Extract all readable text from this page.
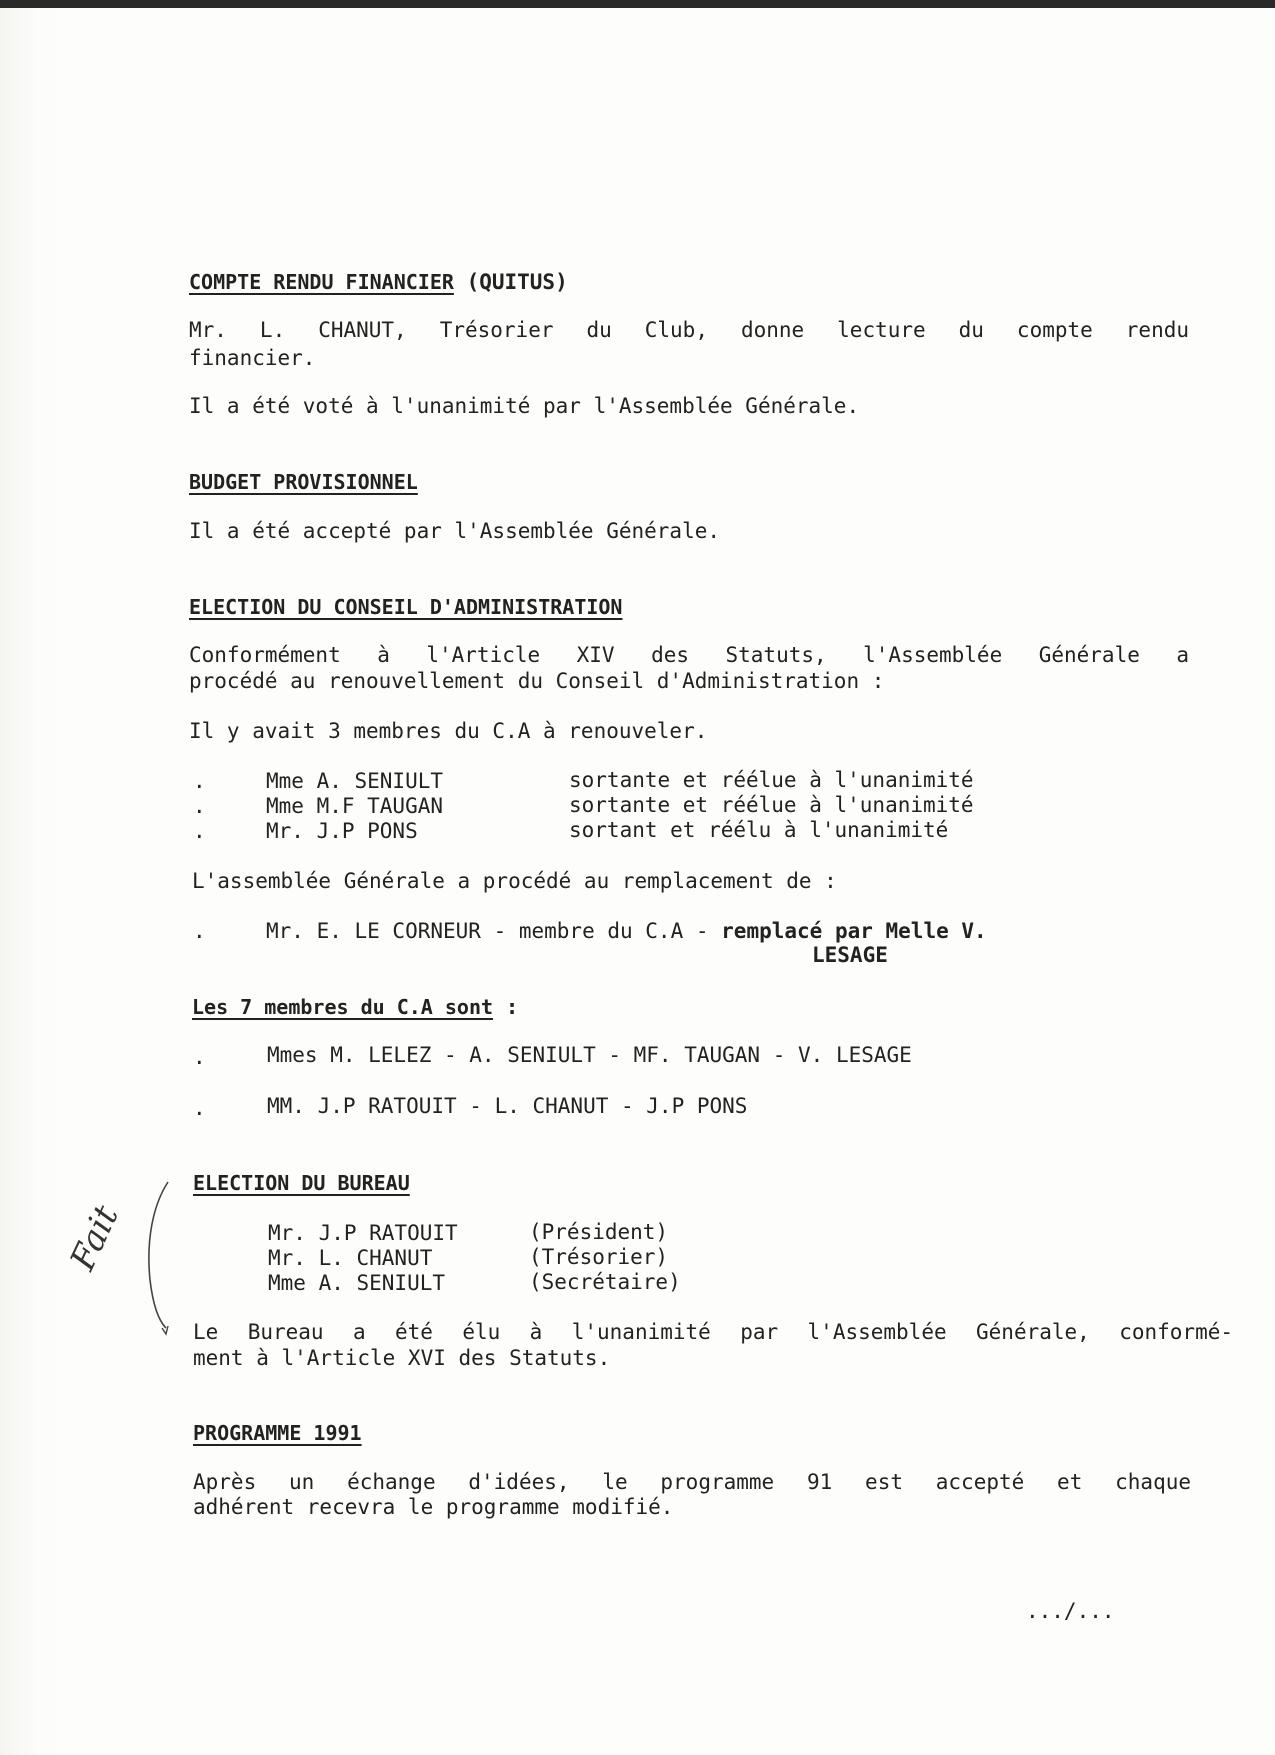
COMPTE RENDU FINANCIER (QUITUS)

Mr. L. CHANUT, Trésorier du Club, donne lecture du compte rendu

financier.

Il a été voté à l'unanimité par l'Assemblée Générale.

BUDGET PROVISIONNEL

Il a été accepté par l'Assemblée Générale.

ELECTION DU CONSEIL D'ADMINISTRATION

Conformément à l'Article XIV des Statuts, l'Assemblée Générale a

procédé au renouvellement du Conseil d'Administration :

Il y avait 3 membres du C.A à renouveler.

.	Mme A. SENIULT	sortante et réélue à l'unanimité

.	Mme M.F TAUGAN	sortante et réélue à l'unanimité

.	Mr. J.P PONS	sortant et réélu à l'unanimité

L'assemblée Générale a procédé au remplacement de :

.	Mr. E. LE CORNEUR - membre du C.A - remplacé par Melle V.

LESAGE

Les 7 membres du C.A sont :

.	Mmes M. LELEZ - A. SENIULT - MF. TAUGAN - V. LESAGE

.	MM. J.P RATOUIT - L. CHANUT - J.P PONS

ELECTION DU BUREAU

Mr. J.P RATOUIT	(Président)

Mr. L. CHANUT	(Trésorier)

Mme A. SENIULT	(Secrétaire)

Fait

Le Bureau a été élu à l'unanimité par l'Assemblée Générale, conformé-

ment à l'Article XVI des Statuts.

PROGRAMME 1991

Après un échange d'idées, le programme 91 est accepté et chaque

adhérent recevra le programme modifié.

.../...
